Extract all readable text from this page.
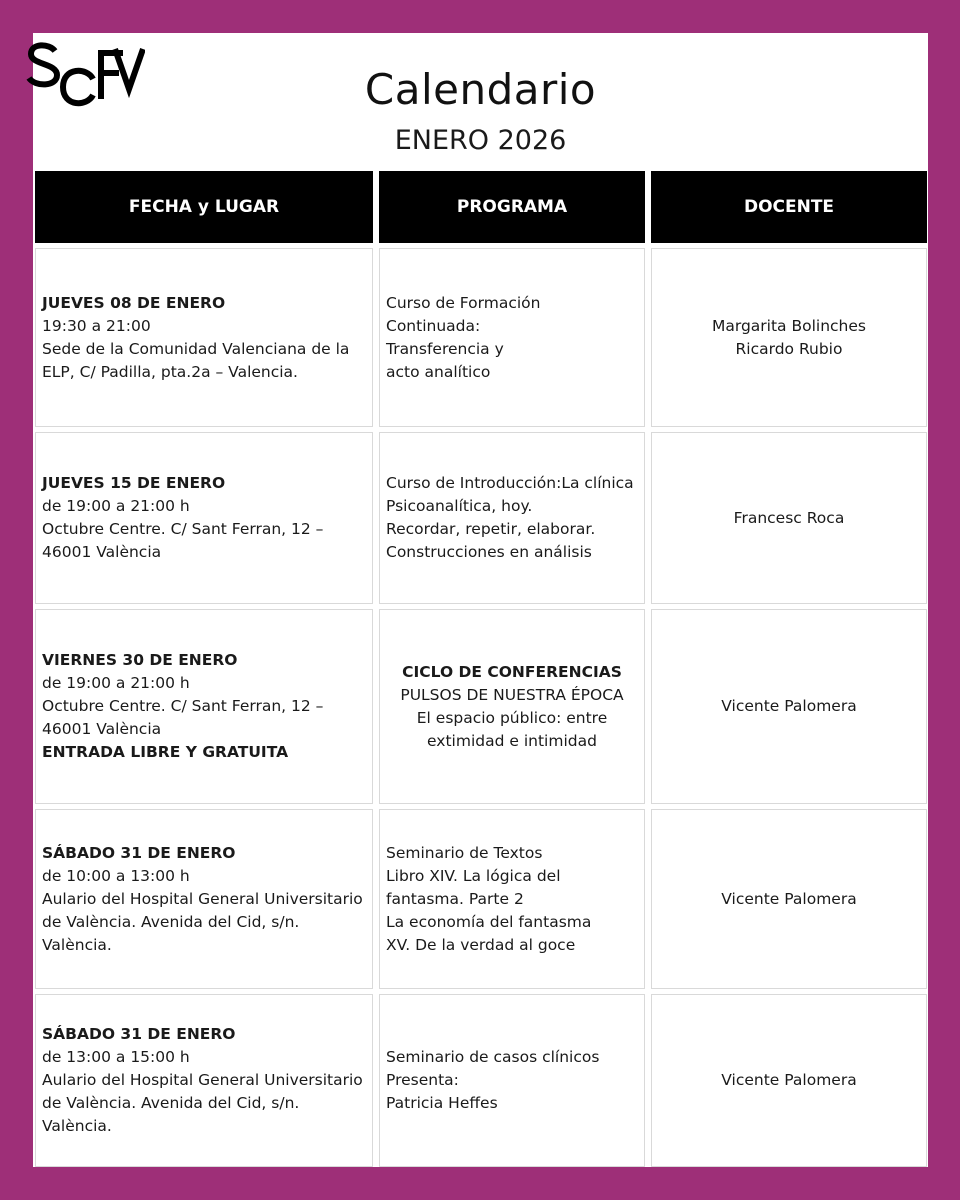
Calendario
ENERO 2026
FECHA y LUGAR	PROGRAMA	DOCENTE
JUEVES 08 DE ENERO
19:30 a 21:00
Sede de la Comunidad Valenciana de la
ELP, C/ Padilla, pta.2a – Valencia.
Curso de Formación
Continuada:
Transferencia y
acto analítico
Margarita Bolinches
Ricardo Rubio
JUEVES 15 DE ENERO
de 19:00 a 21:00 h
Octubre Centre. C/ Sant Ferran, 12 –
46001 València
Curso de Introducción:La clínica
Psicoanalítica, hoy.
Recordar, repetir, elaborar.
Construcciones en análisis
Francesc Roca
VIERNES 30 DE ENERO
de 19:00 a 21:00 h
Octubre Centre. C/ Sant Ferran, 12 –
46001 València
ENTRADA LIBRE Y GRATUITA
CICLO DE CONFERENCIAS
PULSOS DE NUESTRA ÉPOCA
El espacio público: entre
extimidad e intimidad
Vicente Palomera
SÁBADO 31 DE ENERO
de 10:00 a 13:00 h
Aulario del Hospital General Universitario
de València. Avenida del Cid, s/n. València.
Seminario de Textos
Libro XIV. La lógica del
fantasma. Parte 2
La economía del fantasma
XV. De la verdad al goce
Vicente Palomera
SÁBADO 31 DE ENERO
de 13:00 a 15:00 h
Aulario del Hospital General Universitario
de València. Avenida del Cid, s/n. València.
Seminario de casos clínicos
Presenta:
Patricia Heffes
Vicente Palomera
